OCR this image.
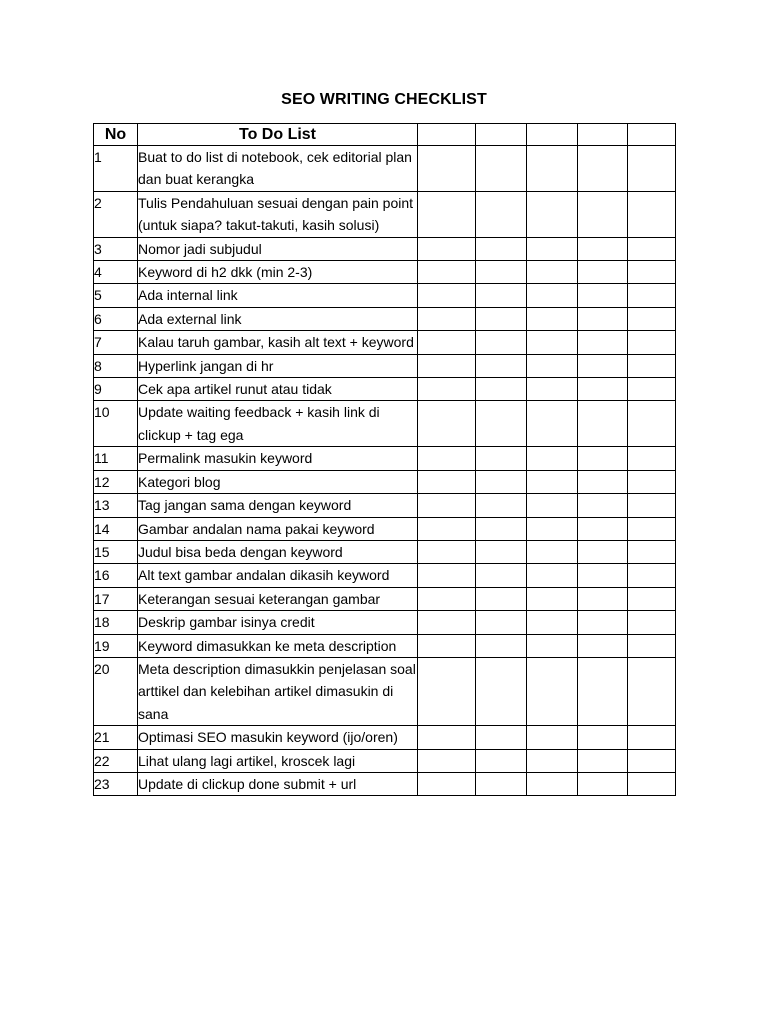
SEO WRITING CHECKLIST
No	To Do List					
1	Buat to do list di notebook, cek editorial plan dan buat kerangka					
2	Tulis Pendahuluan sesuai dengan pain point (untuk siapa? takut-takuti, kasih solusi)					
3	Nomor jadi subjudul					
4	Keyword di h2 dkk (min 2-3)					
5	Ada internal link					
6	Ada external link					
7	Kalau taruh gambar, kasih alt text + keyword					
8	Hyperlink jangan di hr					
9	Cek apa artikel runut atau tidak					
10	Update waiting feedback + kasih link di clickup + tag ega					
11	Permalink masukin keyword					
12	Kategori blog					
13	Tag jangan sama dengan keyword					
14	Gambar andalan nama pakai keyword					
15	Judul bisa beda dengan keyword					
16	Alt text gambar andalan dikasih keyword					
17	Keterangan sesuai keterangan gambar					
18	Deskrip gambar isinya credit					
19	Keyword dimasukkan ke meta description					
20	Meta description dimasukkin penjelasan soal arttikel dan kelebihan artikel dimasukin di sana					
21	Optimasi SEO masukin keyword (ijo/oren)					
22	Lihat ulang lagi artikel, kroscek lagi					
23	Update di clickup done submit + url					
